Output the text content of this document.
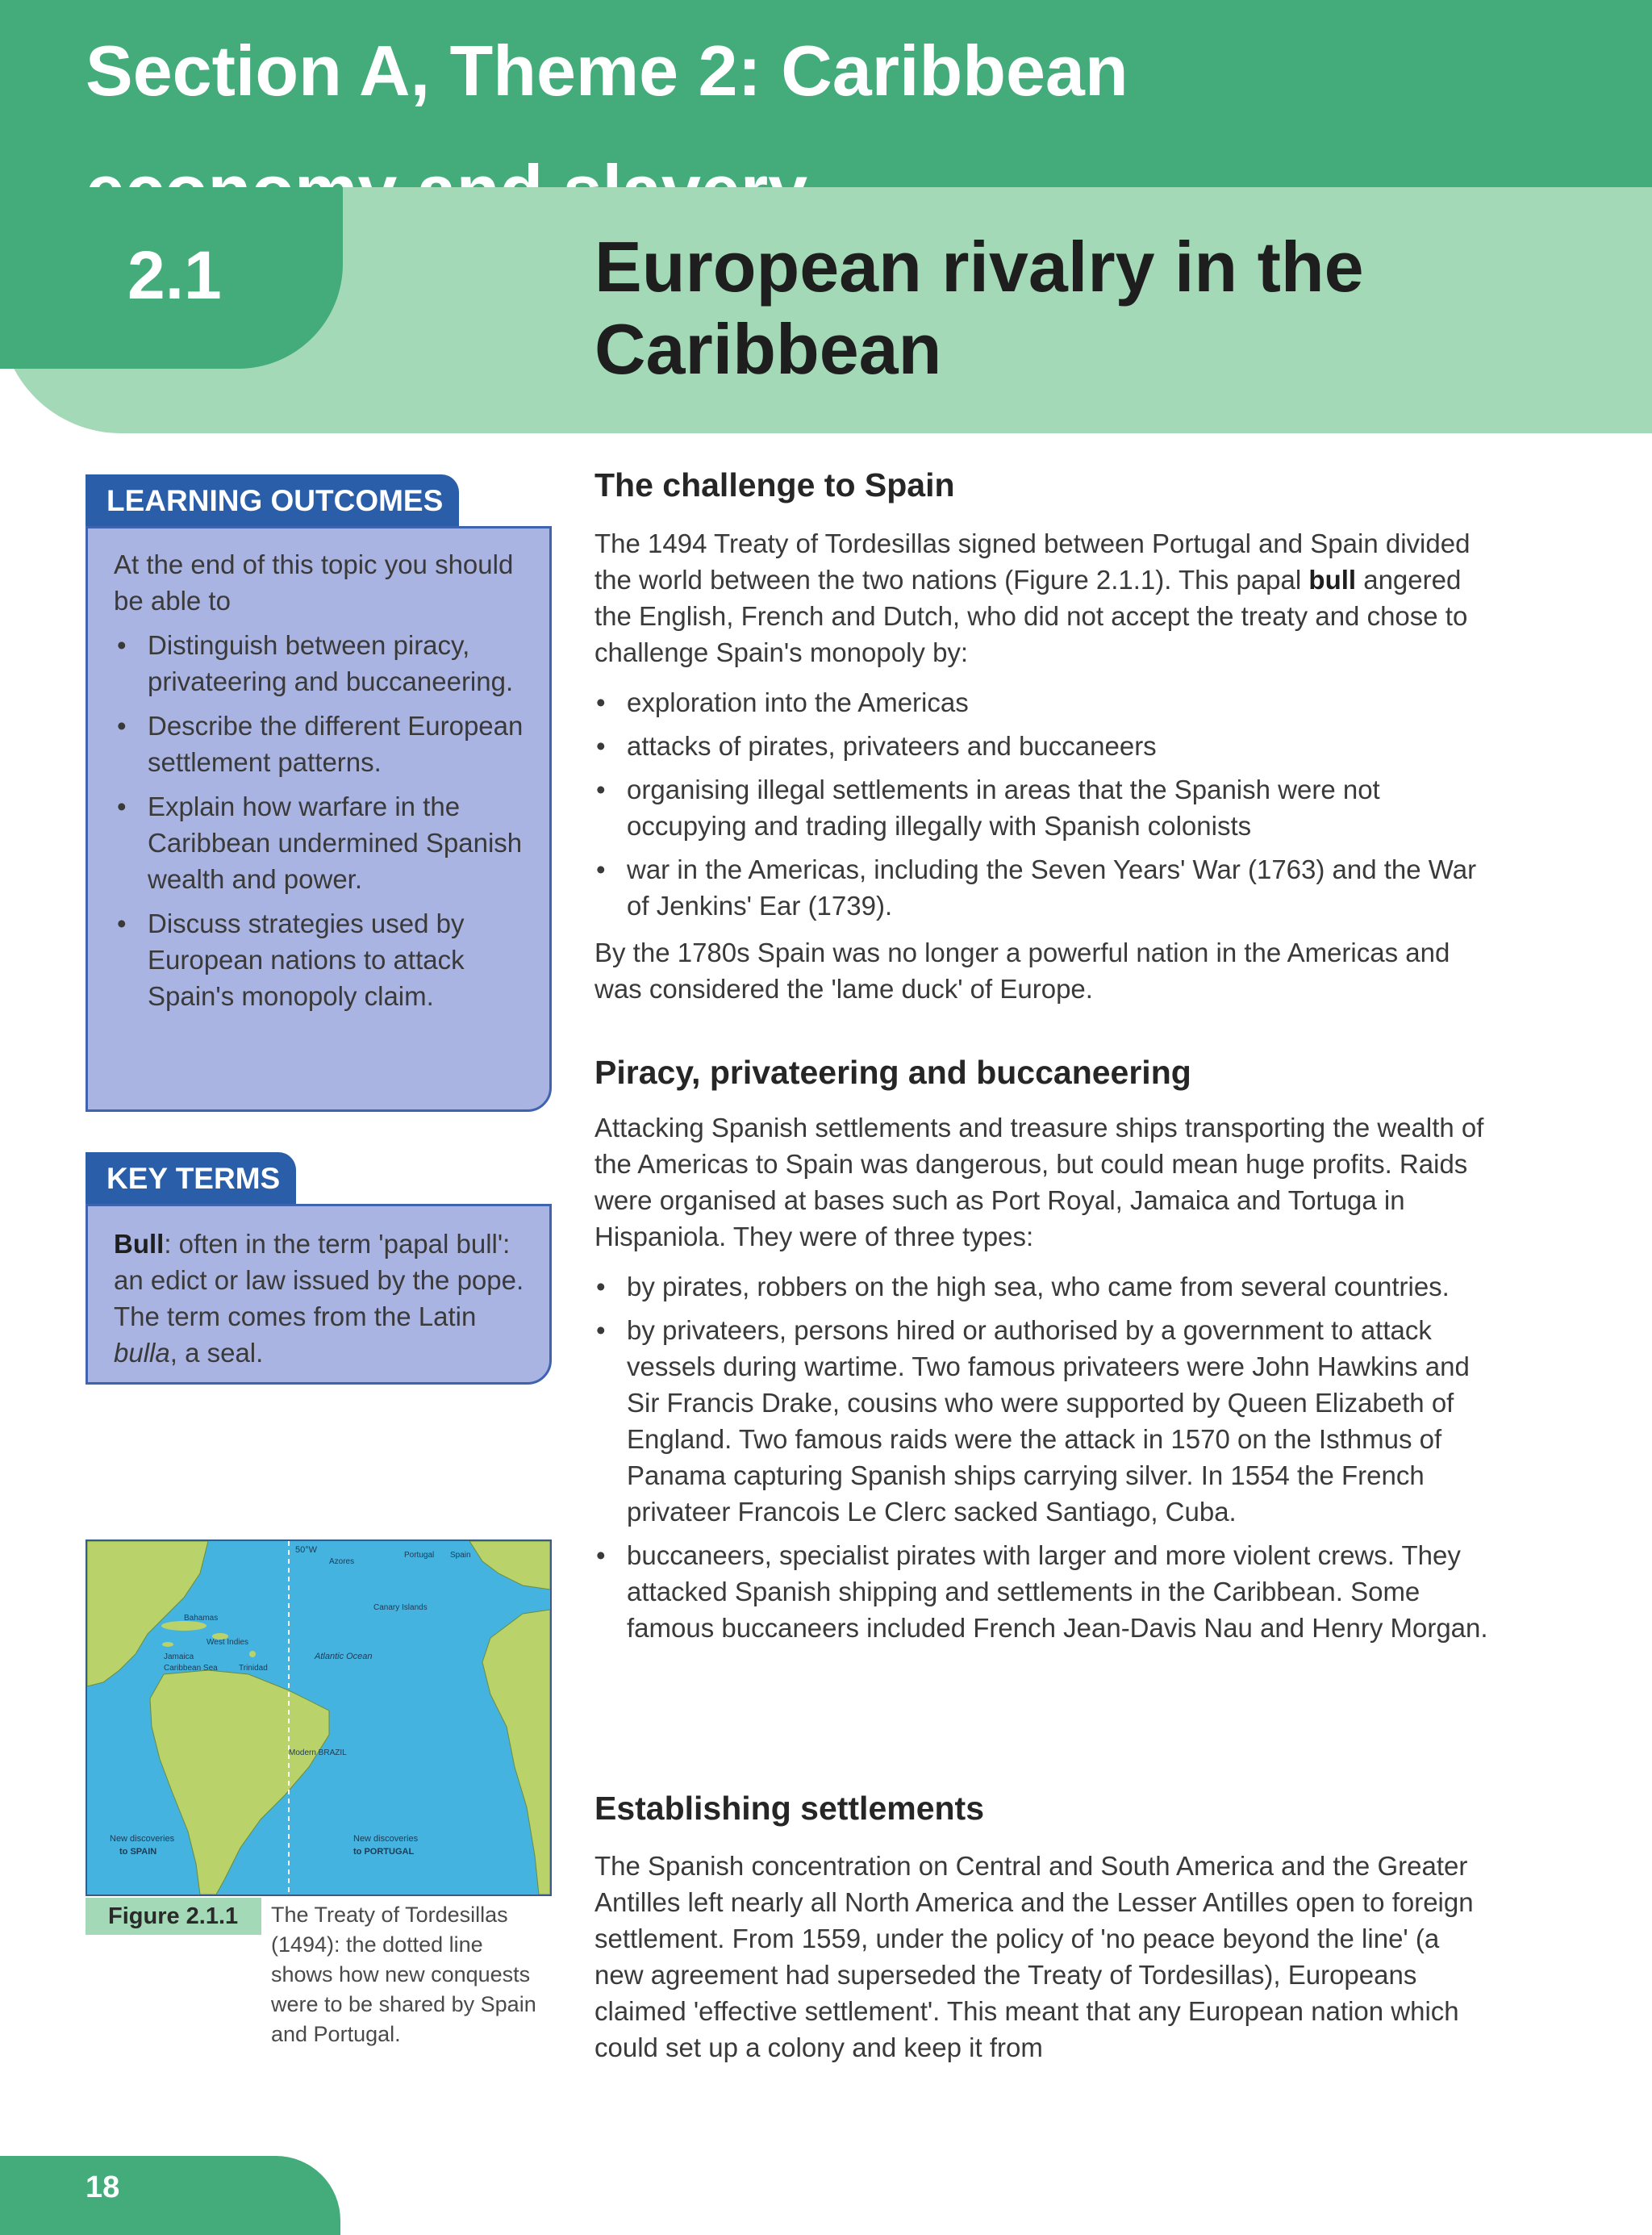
Section A, Theme 2: Caribbean

2.1	European rivalry in the
Caribbean
LEARNING OUTCOMES

At the end of this topic you should be able to

• Distinguish between piracy, privateering and buccaneering.
• Describe the different European settlement patterns.
• Explain how warfare in the Caribbean undermined Spanish wealth and power.
• Discuss strategies used by European nations to attack Spain's monopoly claim.
KEY TERMS

Bull: often in the term 'papal bull': an edict or law issued by the pope. The term comes from the Latin bulla, a seal.

50°W
Azores
Portugal Spain
Canary Islands
Bahamas
West Indies
Jamaica
Caribbean Sea	Trinidad
Atlantic Ocean
Modern BRAZIL
New discoveries
to SPAIN
New discoveries
to PORTUGAL
Figure 2.1.1	The Treaty of Tordesillas (1494): the dotted line shows how new conquests were to be shared by Spain and Portugal.

The challenge to Spain

The 1494 Treaty of Tordesillas signed between Portugal and Spain divided the world between the two nations (Figure 2.1.1). This papal bull angered the English, French and Dutch, who did not accept the treaty and chose to challenge Spain's monopoly by:

• exploration into the Americas
• attacks of pirates, privateers and buccaneers
• organising illegal settlements in areas that the Spanish were not occupying and trading illegally with Spanish colonists
• war in the Americas, including the Seven Years' War (1763) and the War of Jenkins' Ear (1739).

By the 1780s Spain was no longer a powerful nation in the Americas and was considered the 'lame duck' of Europe.

Piracy, privateering and buccaneering

Attacking Spanish settlements and treasure ships transporting the wealth of the Americas to Spain was dangerous, but could mean huge profits. Raids were organised at bases such as Port Royal, Jamaica and Tortuga in Hispaniola. They were of three types:

• by pirates, robbers on the high sea, who came from several countries.
• by privateers, persons hired or authorised by a government to attack vessels during wartime. Two famous privateers were John Hawkins and Sir Francis Drake, cousins who were supported by Queen Elizabeth of England. Two famous raids were the attack in 1570 on the Isthmus of Panama capturing Spanish ships carrying silver. In 1554 the French privateer Francois Le Clerc sacked Santiago, Cuba.
• buccaneers, specialist pirates with larger and more violent crews. They attacked Spanish shipping and settlements in the Caribbean. Some famous buccaneers included French Jean-Davis Nau and Henry Morgan.
Establishing settlements

The Spanish concentration on Central and South America and the Greater Antilles left nearly all North America and the Lesser Antilles open to foreign settlement. From 1559, under the policy of 'no peace beyond the line' (a new agreement had superseded the Treaty of Tordesillas), Europeans claimed 'effective settlement'. This meant that any European nation which could set up a colony and keep it from

18
